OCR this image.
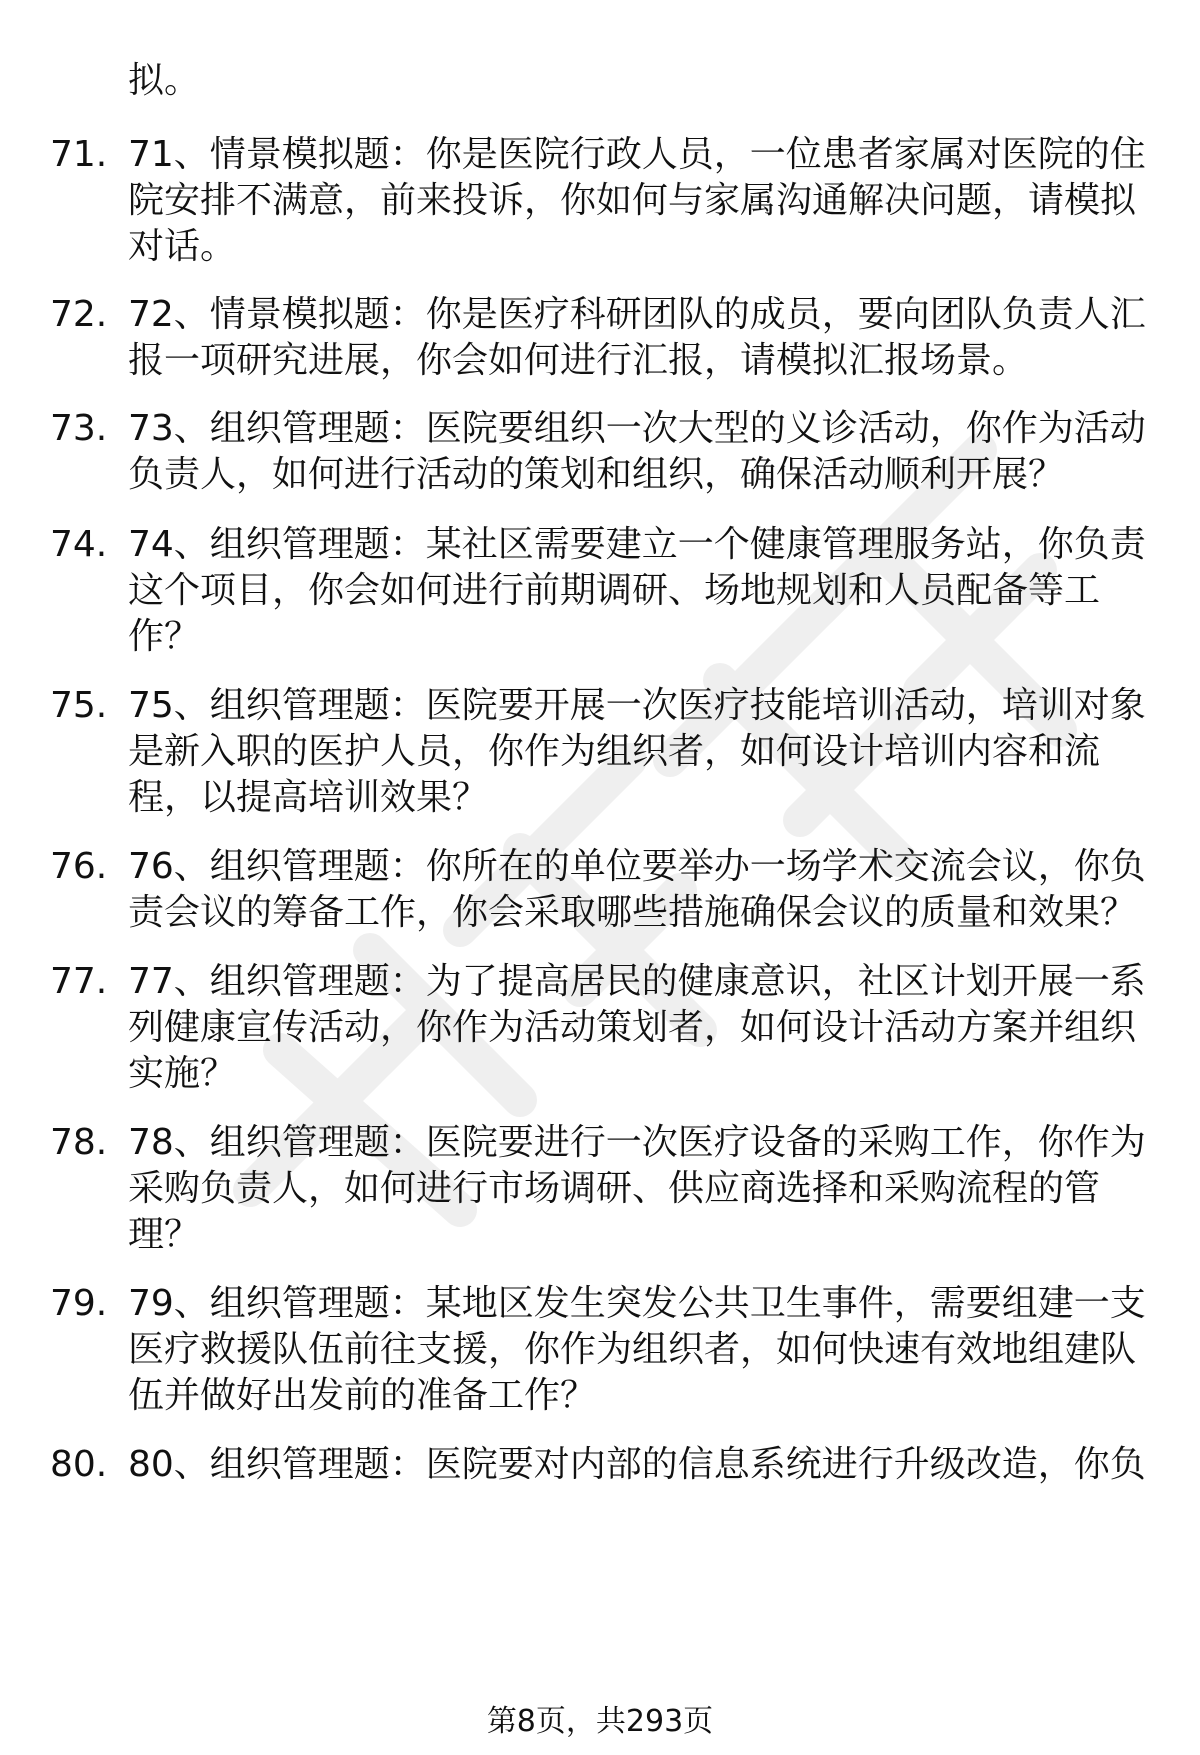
拟。
71. 71、情景模拟题：你是医院行政人员，一位患者家属对医院的住
院安排不满意，前来投诉，你如何与家属沟通解决问题，请模拟
对话。
72. 72、情景模拟题：你是医疗科研团队的成员，要向团队负责人汇
报一项研究进展，你会如何进行汇报，请模拟汇报场景。
73. 73、组织管理题：医院要组织一次大型的义诊活动，你作为活动
负责人，如何进行活动的策划和组织，确保活动顺利开展？
74. 74、组织管理题：某社区需要建立一个健康管理服务站，你负责
这个项目，你会如何进行前期调研、场地规划和人员配备等工
作？
75. 75、组织管理题：医院要开展一次医疗技能培训活动，培训对象
是新入职的医护人员，你作为组织者，如何设计培训内容和流
程，以提高培训效果？
76. 76、组织管理题：你所在的单位要举办一场学术交流会议，你负
责会议的筹备工作，你会采取哪些措施确保会议的质量和效果？
77. 77、组织管理题：为了提高居民的健康意识，社区计划开展一系
列健康宣传活动，你作为活动策划者，如何设计活动方案并组织
实施？
78. 78、组织管理题：医院要进行一次医疗设备的采购工作，你作为
采购负责人，如何进行市场调研、供应商选择和采购流程的管
理？
79. 79、组织管理题：某地区发生突发公共卫生事件，需要组建一支
医疗救援队伍前往支援，你作为组织者，如何快速有效地组建队
伍并做好出发前的准备工作？
80. 80、组织管理题：医院要对内部的信息系统进行升级改造，你负
第8页，共293页
